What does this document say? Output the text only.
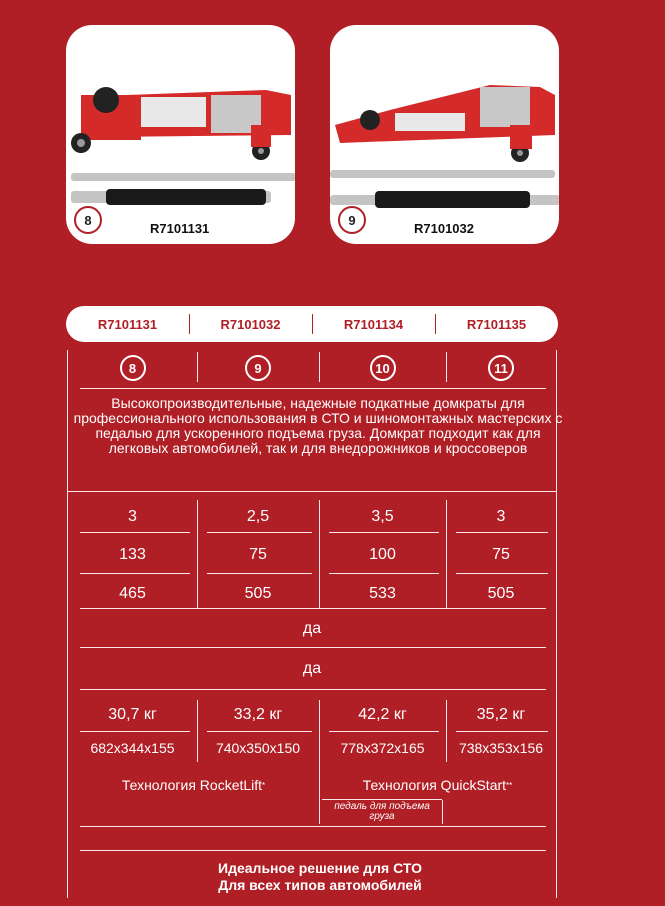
8
R7101131
9
R7101032
R7101131	R7101032	R7101134	R7101135
8	9	10	11
Высокопроизводительные, надежные подкатные домкраты для профессионального использования в СТО и шиномонтажных мастерских с педалью для ускоренного подъема груза. Домкрат подходит как для легковых автомобилей, так и для внедорожников и кроссоверов
3	2,5	3,5	3
133	75	100	75
465	505	533	505
да
да
30,7 кг	33,2 кг	42,2 кг	35,2 кг
682x344x155	740x350x150	778x372x165	738x353x156
Технология RocketLift *	Технология QuickStart **
педаль для подъема груза
Идеальное решение для СТО
Для всех типов автомобилей
